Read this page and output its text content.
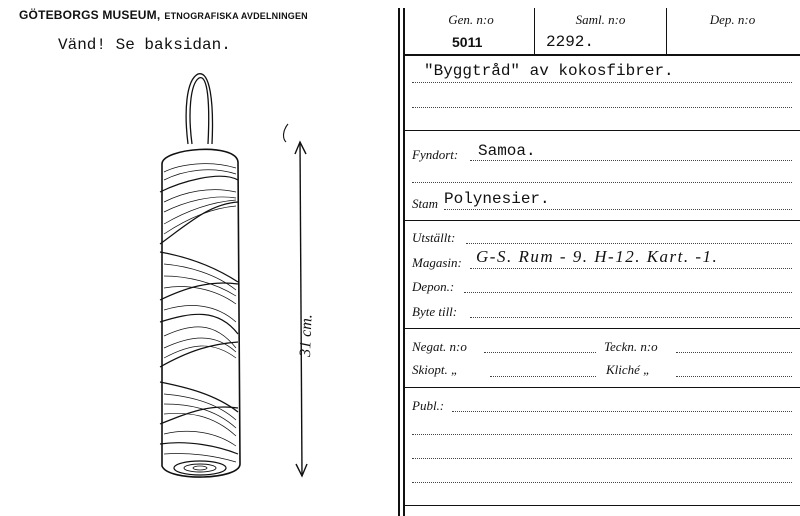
GÖTEBORGS MUSEUM, ETNOGRAFISKA AVDELNINGEN
Vänd! Se baksidan.
31 cm.
Gen. n:o	Saml. n:o	Dep. n:o
5011	2292.
"Byggtråd" av kokosfibrer.
Fyndort: Samoa.
Stam Polynesier.
Utställt:
Magasin: G-S. Rum - 9. H-12. Kart. -1.
Depon.:
Byte till:
Negat. n:o	Teckn. n:o
Skiopt. „	Kliché „
Publ.:
